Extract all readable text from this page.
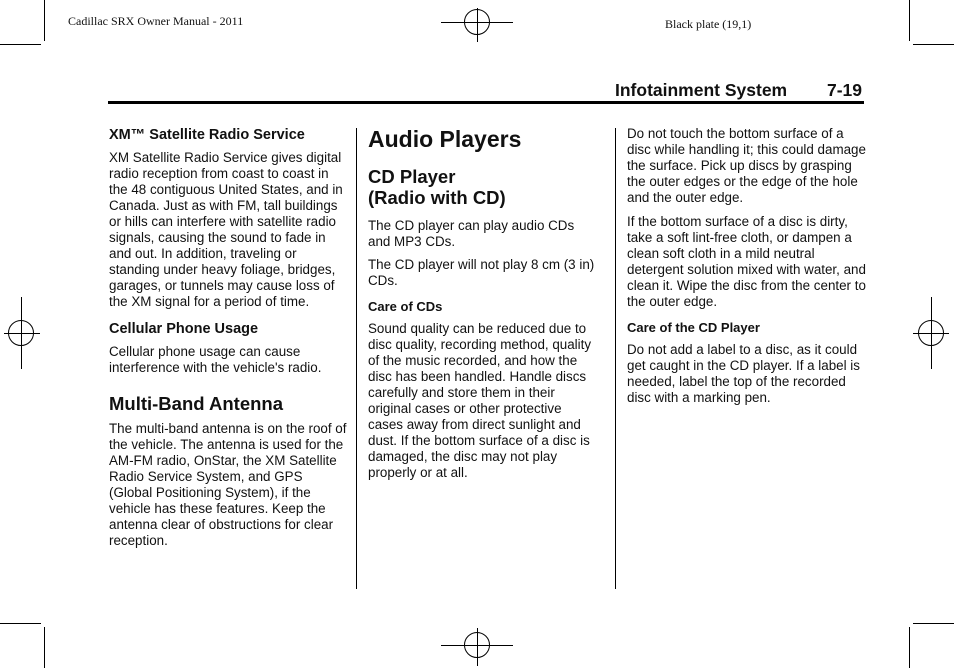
Cadillac SRX Owner Manual - 2011	Black plate (19,1)
Infotainment System 7-19
XM™ Satellite Radio Service

XM Satellite Radio Service gives digital radio reception from coast to coast in the 48 contiguous United States, and in Canada. Just as with FM, tall buildings or hills can interfere with satellite radio signals, causing the sound to fade in and out. In addition, traveling or standing under heavy foliage, bridges, garages, or tunnels may cause loss of the XM signal for a period of time.

Cellular Phone Usage

Cellular phone usage can cause interference with the vehicle's radio.

Multi-Band Antenna

The multi-band antenna is on the roof of the vehicle. The antenna is used for the AM-FM radio, OnStar, the XM Satellite Radio Service System, and GPS (Global Positioning System), if the vehicle has these features. Keep the antenna clear of obstructions for clear reception.

Audio Players
CD Player
(Radio with CD)

The CD player can play audio CDs and MP3 CDs.

The CD player will not play 8 cm (3 in) CDs.

Care of CDs

Sound quality can be reduced due to disc quality, recording method, quality of the music recorded, and how the disc has been handled. Handle discs carefully and store them in their original cases or other protective cases away from direct sunlight and dust. If the bottom surface of a disc is damaged, the disc may not play properly or at all.

Do not touch the bottom surface of a disc while handling it; this could damage the surface. Pick up discs by grasping the outer edges or the edge of the hole and the outer edge.

If the bottom surface of a disc is dirty, take a soft lint-free cloth, or dampen a clean soft cloth in a mild neutral detergent solution mixed with water, and clean it. Wipe the disc from the center to the outer edge.

Care of the CD Player

Do not add a label to a disc, as it could get caught in the CD player. If a label is needed, label the top of the recorded disc with a marking pen.
